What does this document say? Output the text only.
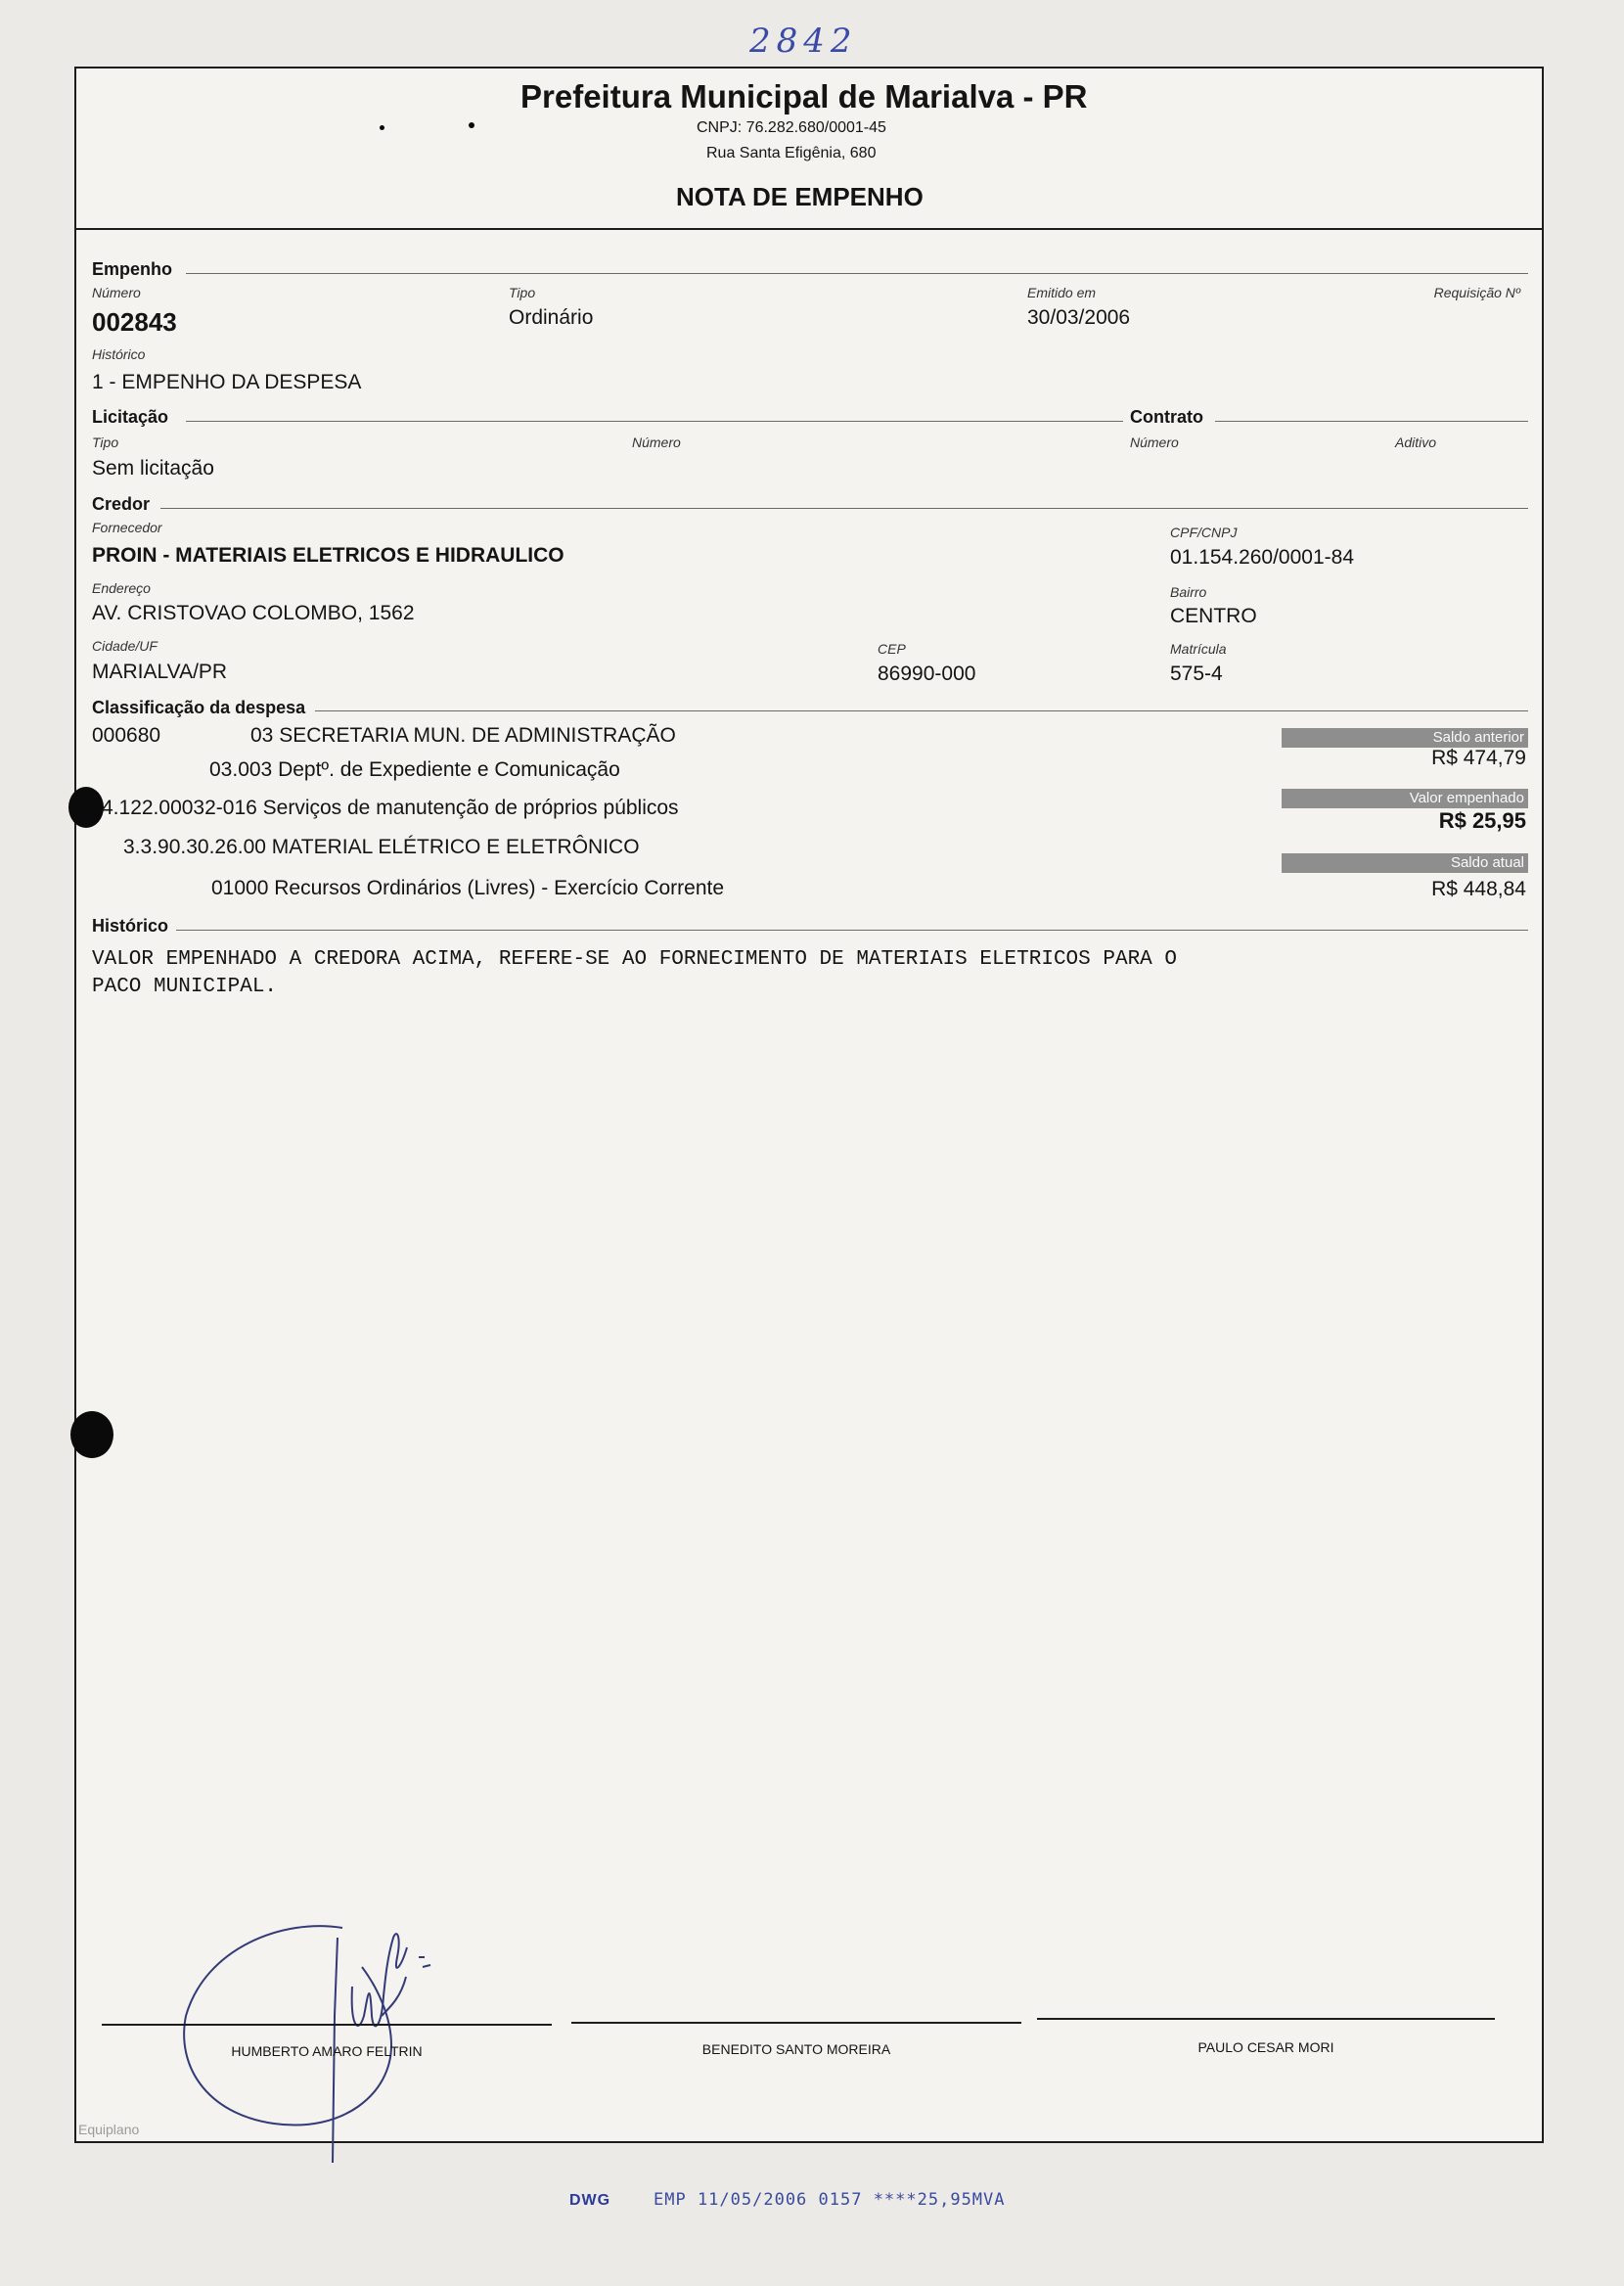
2842
Prefeitura Municipal de Marialva - PR
CNPJ: 76.282.680/0001-45
Rua Santa Efigênia, 680
NOTA DE EMPENHO
Empenho
Número
002843
Tipo
Ordinário
Emitido em
30/03/2006
Requisição Nº
Histórico
1 - EMPENHO DA DESPESA
Licitação
Tipo
Sem licitação
Número
Contrato
Número	Aditivo
Credor
Fornecedor
PROIN - MATERIAIS ELETRICOS E HIDRAULICO
CPF/CNPJ
01.154.260/0001-84
Endereço
AV. CRISTOVAO COLOMBO, 1562
Bairro
CENTRO
Cidade/UF
MARIALVA/PR
CEP
86990-000
Matrícula
575-4
Classificação da despesa
000680	03 SECRETARIA MUN. DE ADMINISTRAÇÃO
03.003 Deptº. de Expediente e Comunicação
4.122.00032-016 Serviços de manutenção de próprios públicos
3.3.90.30.26.00 MATERIAL ELÉTRICO E ELETRÔNICO
01000 Recursos Ordinários (Livres) - Exercício Corrente
Saldo anterior
R$ 474,79
Valor empenhado
R$ 25,95
Saldo atual
R$ 448,84
Histórico
VALOR EMPENHADO A CREDORA ACIMA, REFERE-SE AO FORNECIMENTO DE MATERIAIS ELETRICOS PARA O
PACO MUNICIPAL.
HUMBERTO AMARO FELTRIN	BENEDITO SANTO MOREIRA	PAULO CESAR MORI
Equiplano
DWG	EMP 11/05/2006 0157 ****25,95MVA
